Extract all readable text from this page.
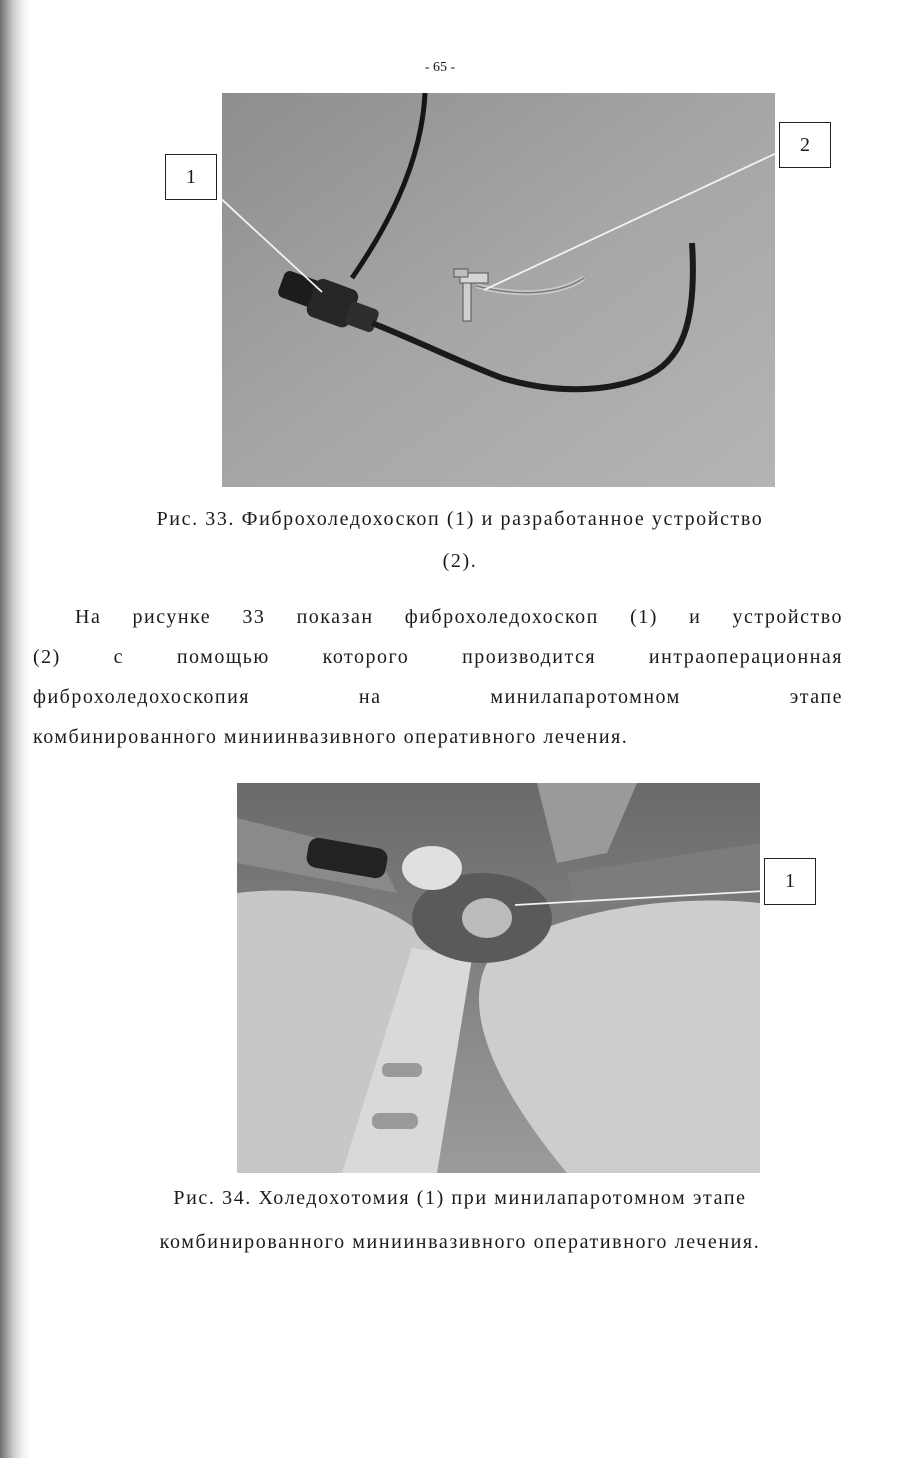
- 65 -
1
2
Рис. 33. Фиброхоледохоскоп (1) и разработанное устройство
(2).
На рисунке 33 показан фиброхоледохоскоп (1) и устройство
(2) с помощью которого производится интраоперационная
фиброхоледохоскопия на минилапаротомном этапе
комбинированного миниинвазивного оперативного лечения.
1
Рис. 34. Холедохотомия (1) при минилапаротомном этапе
комбинированного миниинвазивного оперативного лечения.
